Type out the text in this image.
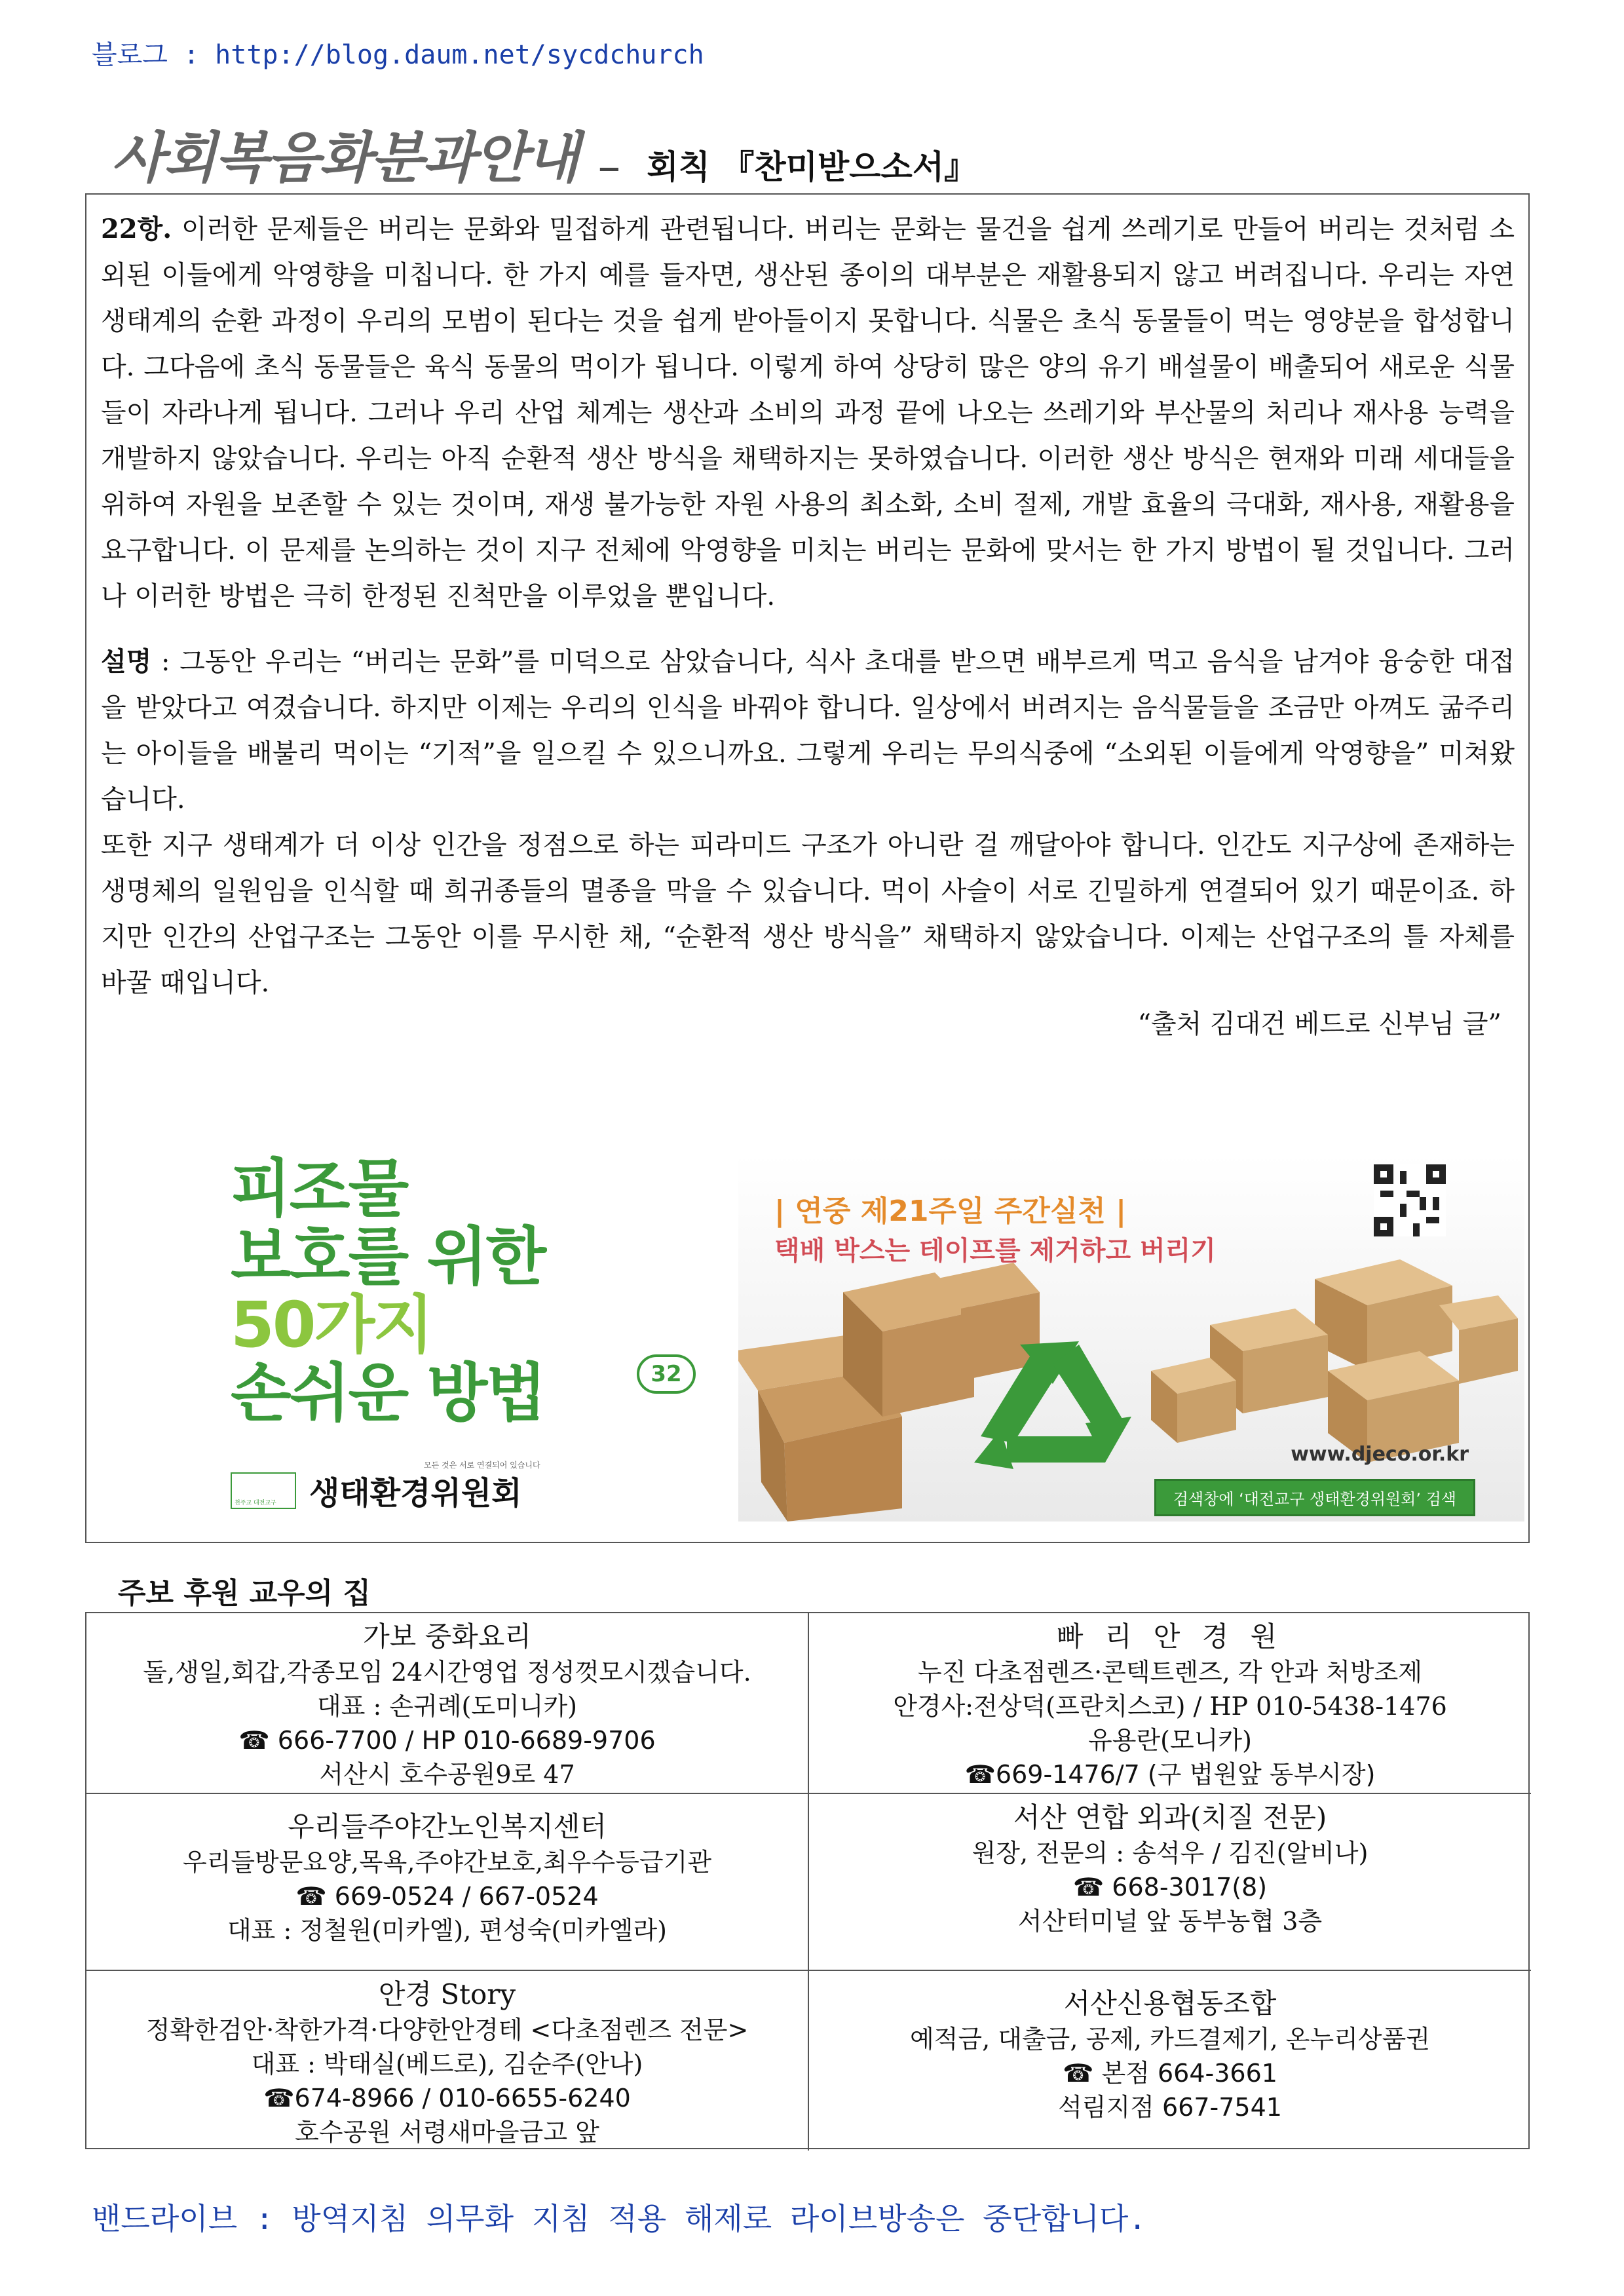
블로그 : http://blog.daum.net/sycdchurch
사회복음화분과안내 – 회칙 『찬미받으소서』

22항. 이러한 문제들은 버리는 문화와 밀접하게 관련됩니다. 버리는 문화는 물건을 쉽게 쓰레기로 만들어 버리는 것처럼 소외된 이들에게 악영향을 미칩니다. 한 가지 예를 들자면, 생산된 종이의 대부분은 재활용되지 않고 버려집니다. 우리는 자연 생태계의 순환 과정이 우리의 모범이 된다는 것을 쉽게 받아들이지 못합니다. 식물은 초식 동물들이 먹는 영양분을 합성합니다. 그다음에 초식 동물들은 육식 동물의 먹이가 됩니다. 이렇게 하여 상당히 많은 양의 유기 배설물이 배출되어 새로운 식물들이 자라나게 됩니다. 그러나 우리 산업 체계는 생산과 소비의 과정 끝에 나오는 쓰레기와 부산물의 처리나 재사용 능력을 개발하지 않았습니다. 우리는 아직 순환적 생산 방식을 채택하지는 못하였습니다. 이러한 생산 방식은 현재와 미래 세대들을 위하여 자원을 보존할 수 있는 것이며, 재생 불가능한 자원 사용의 최소화, 소비 절제, 개발 효율의 극대화, 재사용, 재활용을 요구합니다. 이 문제를 논의하는 것이 지구 전체에 악영향을 미치는 버리는 문화에 맞서는 한 가지 방법이 될 것입니다. 그러나 이러한 방법은 극히 한정된 진척만을 이루었을 뿐입니다.

설명 : 그동안 우리는 “버리는 문화”를 미덕으로 삼았습니다, 식사 초대를 받으면 배부르게 먹고 음식을 남겨야 융숭한 대접을 받았다고 여겼습니다. 하지만 이제는 우리의 인식을 바꿔야 합니다. 일상에서 버려지는 음식물들을 조금만 아껴도 굶주리는 아이들을 배불리 먹이는 “기적”을 일으킬 수 있으니까요. 그렇게 우리는 무의식중에 “소외된 이들에게 악영향을” 미쳐왔습니다.

또한 지구 생태계가 더 이상 인간을 정점으로 하는 피라미드 구조가 아니란 걸 깨달아야 합니다. 인간도 지구상에 존재하는 생명체의 일원임을 인식할 때 희귀종들의 멸종을 막을 수 있습니다. 먹이 사슬이 서로 긴밀하게 연결되어 있기 때문이죠. 하지만 인간의 산업구조는 그동안 이를 무시한 채, “순환적 생산 방식을” 채택하지 않았습니다. 이제는 산업구조의 틀 자체를 바꿀 때입니다.

“출처 김대건 베드로 신부님 글”

피조물
보호를 위한
50가지
손쉬운 방법	32
모든 것은 서로 연결되어 있습니다
천주교 대전교구 생태환경위원회
| 연중 제21주일 주간실천 |
택배 박스는 테이프를 제거하고 버리기
www.djeco.or.kr
검색창에 ‘대전교구 생태환경위원회’ 검색
주보 후원 교우의 집
가보 중화요리
돌,생일,회갑,각종모임 24시간영업 정성껏모시겠습니다.
대표 : 손귀례(도미니카)
☎ 666-7700 / HP 010-6689-9706
서산시 호수공원9로 47
빠 리 안 경 원
누진 다초점렌즈·콘텍트렌즈, 각 안과 처방조제
안경사:전상덕(프란치스코) / HP 010-5438-1476
유용란(모니카)
☎669-1476/7 (구 법원앞 동부시장)
우리들주야간노인복지센터
우리들방문요양,목욕,주야간보호,최우수등급기관
☎ 669-0524 / 667-0524
대표 : 정철원(미카엘), 편성숙(미카엘라)
서산 연합 외과(치질 전문)
원장, 전문의 : 송석우 / 김진(알비나)
☎ 668-3017(8)
서산터미널 앞 동부농협 3층
안경 Story
정확한검안·착한가격·다양한안경테 <다초점렌즈 전문>
대표 : 박태실(베드로), 김순주(안나)
☎674-8966 / 010-6655-6240
호수공원 서령새마을금고 앞
서산신용협동조합
예적금, 대출금, 공제, 카드결제기, 온누리상품권
☎ 본점 664-3661
석림지점 667-7541
밴드라이브 : 방역지침 의무화 지침 적용 해제로 라이브방송은 중단합니다.
